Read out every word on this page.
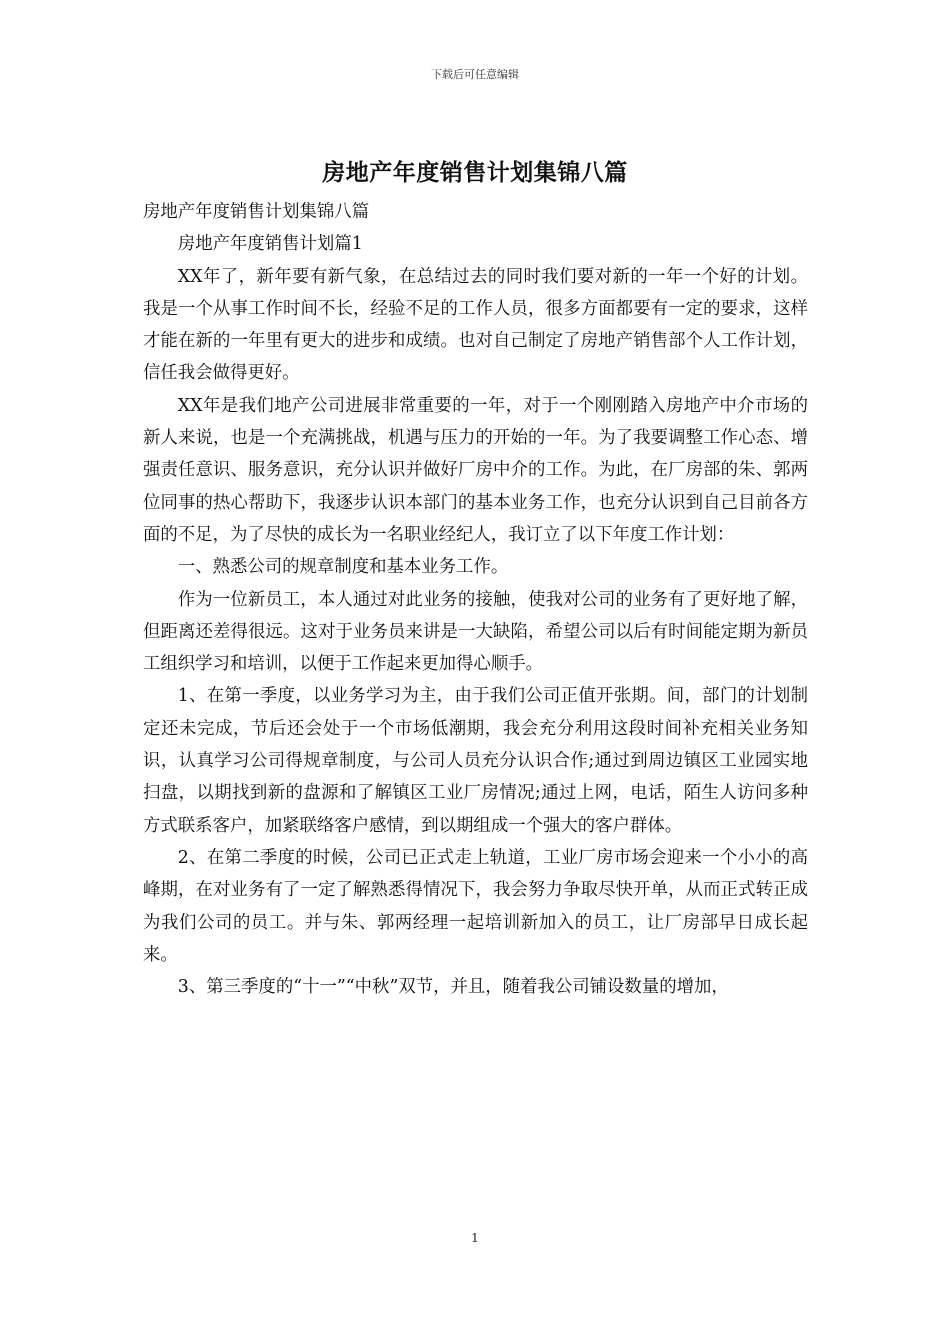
下载后可任意编辑
房地产年度销售计划集锦八篇

房地产年度销售计划集锦八篇

房地产年度销售计划篇1

XX年了，新年要有新气象，在总结过去的同时我们要对新的一年一个好的计划。我是一个从事工作时间不长，经验不足的工作人员，很多方面都要有一定的要求，这样才能在新的一年里有更大的进步和成绩。也对自己制定了房地产销售部个人工作计划，信任我会做得更好。

XX年是我们地产公司进展非常重要的一年，对于一个刚刚踏入房地产中介市场的新人来说，也是一个充满挑战，机遇与压力的开始的一年。为了我要调整工作心态、增强责任意识、服务意识，充分认识并做好厂房中介的工作。为此，在厂房部的朱、郭两位同事的热心帮助下，我逐步认识本部门的基本业务工作，也充分认识到自己目前各方面的不足，为了尽快的成长为一名职业经纪人，我订立了以下年度工作计划：

一、熟悉公司的规章制度和基本业务工作。

作为一位新员工，本人通过对此业务的接触，使我对公司的业务有了更好地了解，但距离还差得很远。这对于业务员来讲是一大缺陷，希望公司以后有时间能定期为新员工组织学习和培训，以便于工作起来更加得心顺手。

1、在第一季度，以业务学习为主，由于我们公司正值开张期。间，部门的计划制定还未完成，节后还会处于一个市场低潮期，我会充分利用这段时间补充相关业务知识，认真学习公司得规章制度，与公司人员充分认识合作;通过到周边镇区工业园实地扫盘，以期找到新的盘源和了解镇区工业厂房情况;通过上网，电话，陌生人访问多种方式联系客户，加紧联络客户感情，到以期组成一个强大的客户群体。

2、在第二季度的时候，公司已正式走上轨道，工业厂房市场会迎来一个小小的高峰期，在对业务有了一定了解熟悉得情况下，我会努力争取尽快开单，从而正式转正成为我们公司的员工。并与朱、郭两经理一起培训新加入的员工，让厂房部早日成长起来。

3、第三季度的“十一”“中秋”双节，并且，随着我公司铺设数量的增加，

1
